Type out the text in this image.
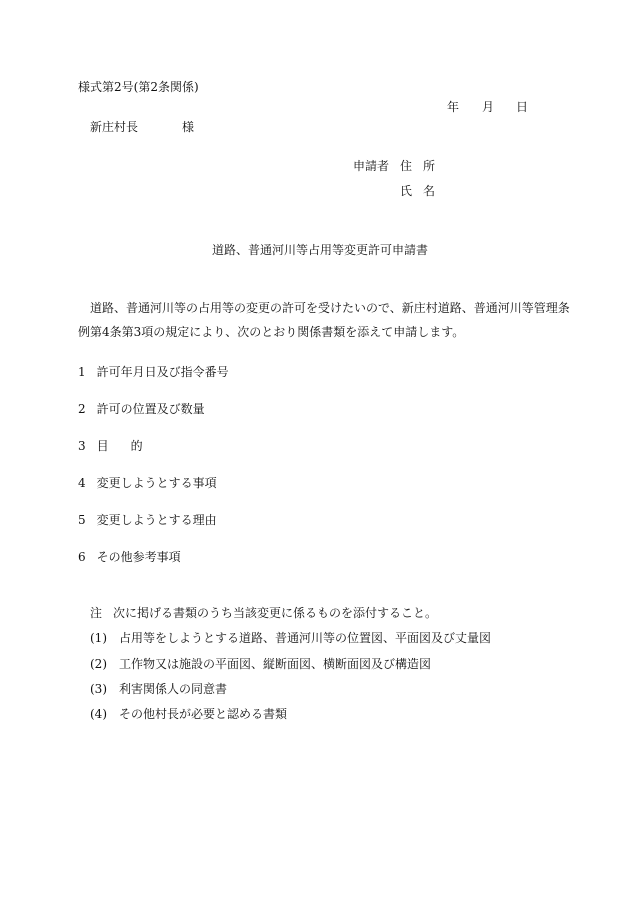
様式第2号(第2条関係)
年 月 日
新庄村長	様
申請者 住 所
氏 名
道路、普通河川等占用等変更許可申請書
道路、普通河川等の占用等の変更の許可を受けたいので、新庄村道路、普通河川等管理条
例第4条第3項の規定により、次のとおり関係書類を添えて申請します。
1 許可年月日及び指令番号
2 許可の位置及び数量
3 目 的
4 変更しようとする事項
5 変更しようとする理由
6 その他参考事項
注 次に掲げる書類のうち当該変更に係るものを添付すること。
(1) 占用等をしようとする道路、普通河川等の位置図、平面図及び丈量図
(2) 工作物又は施設の平面図、縦断面図、横断面図及び構造図
(3) 利害関係人の同意書
(4) その他村長が必要と認める書類
